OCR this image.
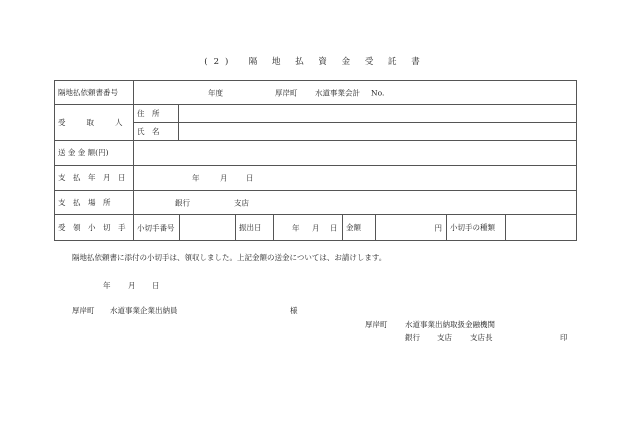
(2)　隔 地 払 資 金 受 託 書
隔地払依頼書番号	年度 厚岸町 水道事業会計 No.							

受　　取　　人	住　所							
	氏　名							
送 金 金 額(円)								
支　払　年　月　日	年 月 日							

支　払　場　所	銀行 支店							

受　領　小　切　手	小切手番号		振出日	年 月 日	金額	円	小切手の種類	
隔地払依頼書に添付の小切手は、領収しました。上記金額の送金については、お請けします。
年 月 日
厚岸町 水道事業企業出納員	様
厚岸町 水道事業出納取扱金融機関
銀行 支店 支店長	印
